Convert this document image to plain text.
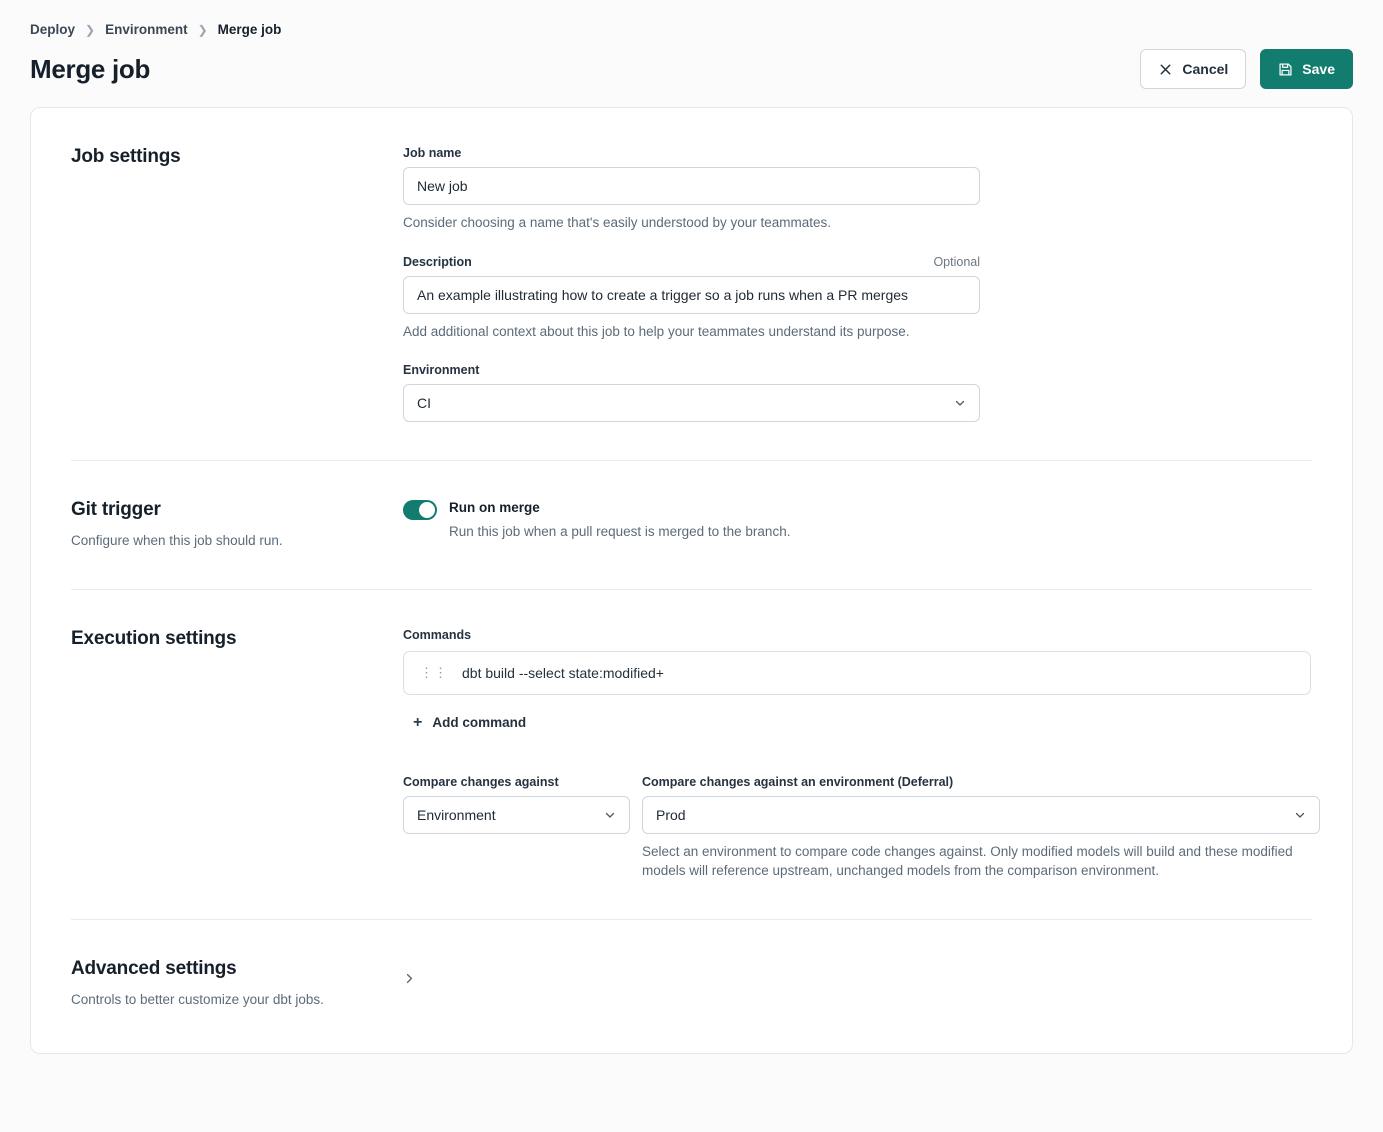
Deploy ❯ Environment ❯ Merge job
Merge job	Cancel	Save
Job settings	Job name
New job
Consider choosing a name that's easily understood by your teammates.
Description	Optional
An example illustrating how to create a trigger so a job runs when a PR merges
Add additional context about this job to help your teammates understand its purpose.
Environment
CI
Git trigger

Configure when this job should run.

Run on merge
Run this job when a pull request is merged to the branch.
Execution settings	Commands
⋮⋮ dbt build --select state:modified+
+ Add command
Compare changes against
Environment
Compare changes against an environment (Deferral)
Prod
Select an environment to compare code changes against. Only modified models will build and these modified models will reference upstream, unchanged models from the comparison environment.
Advanced settings

Controls to better customize your dbt jobs.
